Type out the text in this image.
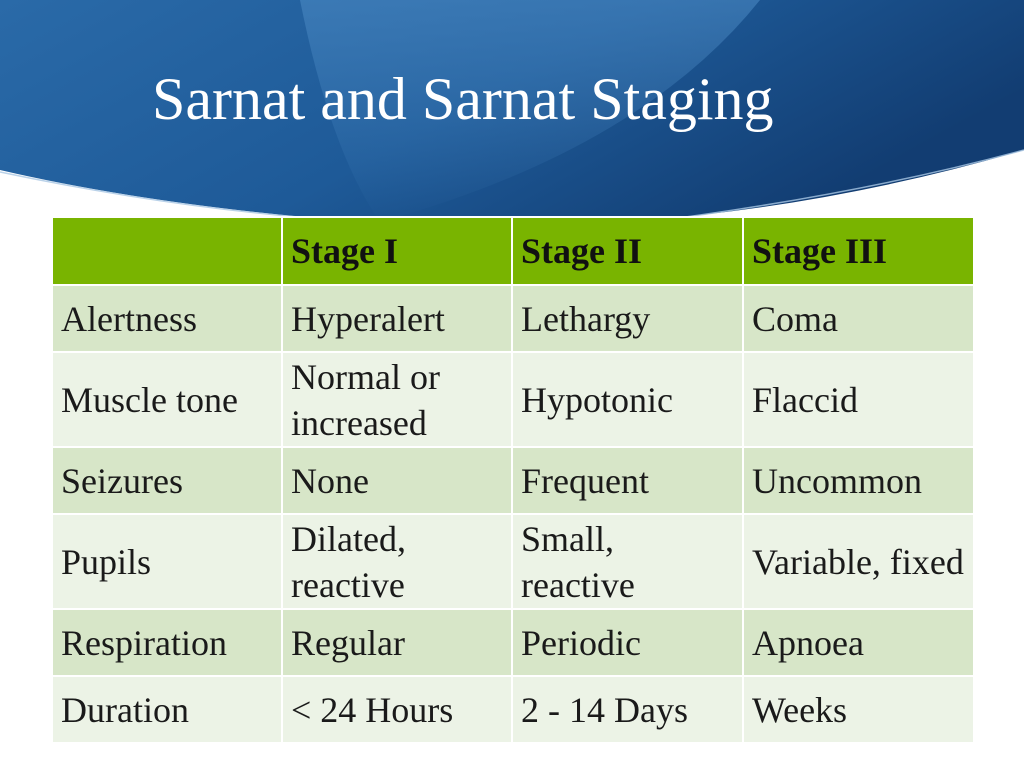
Sarnat and Sarnat Staging
	Stage I	Stage II	Stage III
Alertness	Hyperalert	Lethargy	Coma
Muscle tone	Normal or increased	Hypotonic	Flaccid
Seizures	None	Frequent	Uncommon
Pupils	Dilated, reactive	Small, reactive	Variable, fixed
Respiration	Regular	Periodic	Apnoea
Duration	< 24 Hours	2 - 14 Days	Weeks
